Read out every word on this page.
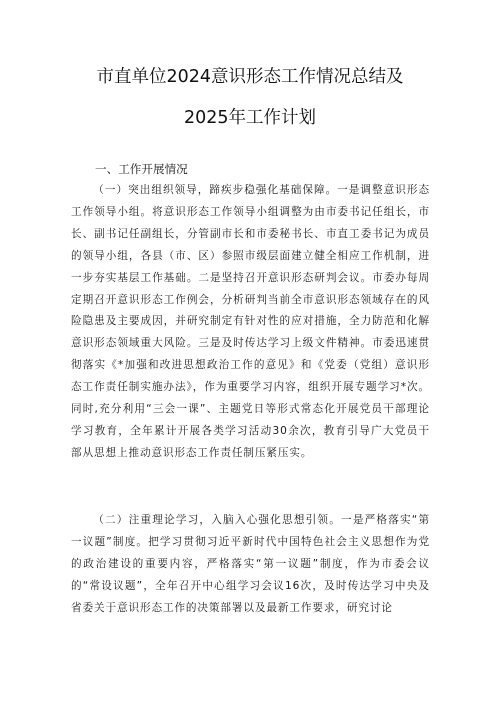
市直单位2024意识形态工作情况总结及
2025年工作计划
一、工作开展情况
（一）突出组织领导，蹄疾步稳强化基础保障。一是调整意识形态工作领导小组。将意识形态工作领导小组调整为由市委书记任组长，市长、副书记任副组长，分管副市长和市委秘书长、市直工委书记为成员的领导小组，各县（市、区）参照市级层面建立健全相应工作机制，进一步夯实基层工作基础。二是坚持召开意识形态研判会议。市委办每周定期召开意识形态工作例会，分析研判当前全市意识形态领域存在的风险隐患及主要成因，并研究制定有针对性的应对措施，全力防范和化解意识形态领域重大风险。三是及时传达学习上级文件精神。市委迅速贯彻落实《*加强和改进思想政治工作的意见》和《党委（党组）意识形态工作责任制实施办法》，作为重要学习内容，组织开展专题学习*次。同时,充分利用“三会一课”、主题党日等形式常态化开展党员干部理论学习教育，全年累计开展各类学习活动30余次，教育引导广大党员干部从思想上推动意识形态工作责任制压紧压实。
（二）注重理论学习，入脑入心强化思想引领。一是严格落实“第一议题”制度。把学习贯彻习近平新时代中国特色社会主义思想作为党的政治建设的重要内容，严格落实“第一议题”制度，作为市委会议的“常设议题”，全年召开中心组学习会议16次，及时传达学习中央及省委关于意识形态工作的决策部署以及最新工作要求，研究讨论
